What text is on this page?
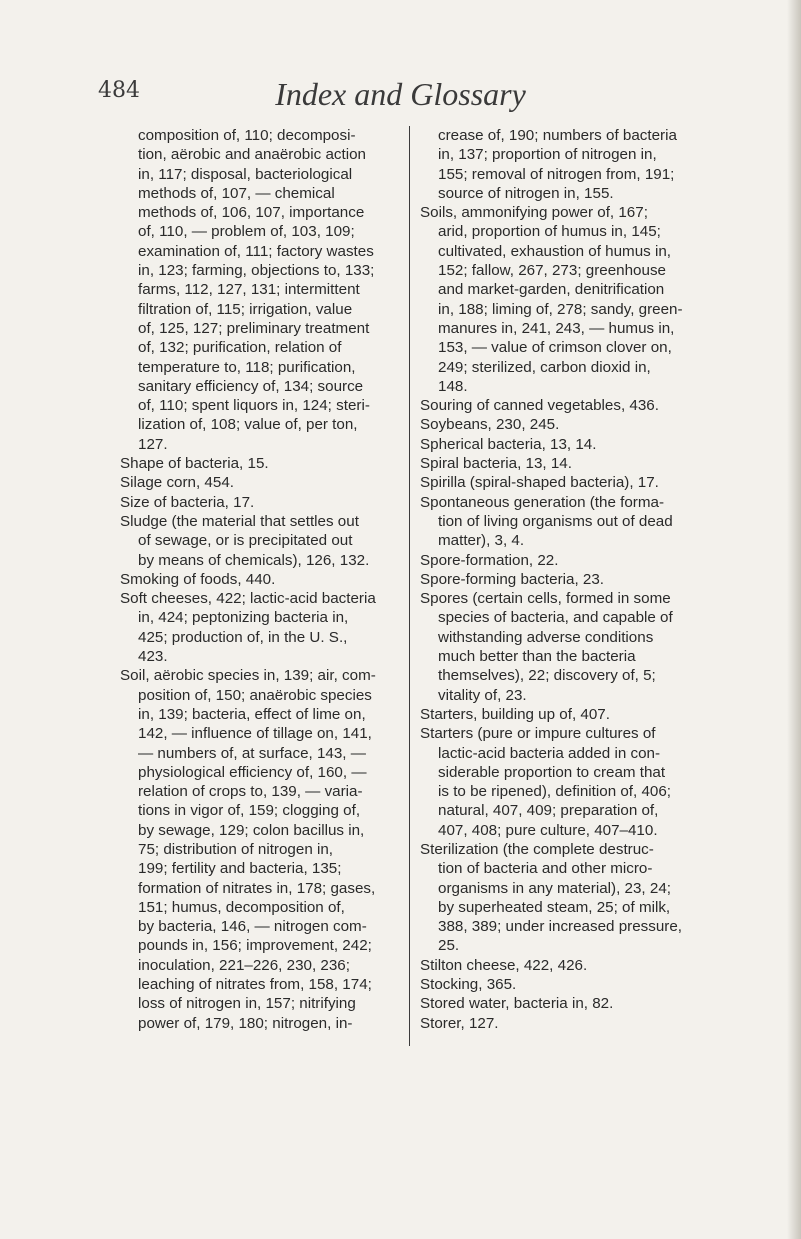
484	Index and Glossary
composition of, 110; decomposi-
tion, aërobic and anaërobic action
in, 117; disposal, bacteriological
methods of, 107, — chemical
methods of, 106, 107, importance
of, 110, — problem of, 103, 109;
examination of, 111; factory wastes
in, 123; farming, objections to, 133;
farms, 112, 127, 131; intermittent
filtration of, 115; irrigation, value
of, 125, 127; preliminary treatment
of, 132; purification, relation of
temperature to, 118; purification,
sanitary efficiency of, 134; source
of, 110; spent liquors in, 124; steri-
lization of, 108; value of, per ton,
127.
Shape of bacteria, 15.
Silage corn, 454.
Size of bacteria, 17.
Sludge (the material that settles out
of sewage, or is precipitated out
by means of chemicals), 126, 132.
Smoking of foods, 440.
Soft cheeses, 422; lactic-acid bacteria
in, 424; peptonizing bacteria in,
425; production of, in the U. S.,
423.
Soil, aërobic species in, 139; air, com-
position of, 150; anaërobic species
in, 139; bacteria, effect of lime on,
142, — influence of tillage on, 141,
— numbers of, at surface, 143, —
physiological efficiency of, 160, —
relation of crops to, 139, — varia-
tions in vigor of, 159; clogging of,
by sewage, 129; colon bacillus in,
75; distribution of nitrogen in,
199; fertility and bacteria, 135;
formation of nitrates in, 178; gases,
151; humus, decomposition of,
by bacteria, 146, — nitrogen com-
pounds in, 156; improvement, 242;
inoculation, 221–226, 230, 236;
leaching of nitrates from, 158, 174;
loss of nitrogen in, 157; nitrifying
power of, 179, 180; nitrogen, in-
crease of, 190; numbers of bacteria
in, 137; proportion of nitrogen in,
155; removal of nitrogen from, 191;
source of nitrogen in, 155.
Soils, ammonifying power of, 167;
arid, proportion of humus in, 145;
cultivated, exhaustion of humus in,
152; fallow, 267, 273; greenhouse
and market-garden, denitrification
in, 188; liming of, 278; sandy, green-
manures in, 241, 243, — humus in,
153, — value of crimson clover on,
249; sterilized, carbon dioxid in,
148.
Souring of canned vegetables, 436.
Soybeans, 230, 245.
Spherical bacteria, 13, 14.
Spiral bacteria, 13, 14.
Spirilla (spiral-shaped bacteria), 17.
Spontaneous generation (the forma-
tion of living organisms out of dead
matter), 3, 4.
Spore-formation, 22.
Spore-forming bacteria, 23.
Spores (certain cells, formed in some
species of bacteria, and capable of
withstanding adverse conditions
much better than the bacteria
themselves), 22; discovery of, 5;
vitality of, 23.
Starters, building up of, 407.
Starters (pure or impure cultures of
lactic-acid bacteria added in con-
siderable proportion to cream that
is to be ripened), definition of, 406;
natural, 407, 409; preparation of,
407, 408; pure culture, 407–410.
Sterilization (the complete destruc-
tion of bacteria and other micro-
organisms in any material), 23, 24;
by superheated steam, 25; of milk,
388, 389; under increased pressure,
25.
Stilton cheese, 422, 426.
Stocking, 365.
Stored water, bacteria in, 82.
Storer, 127.
